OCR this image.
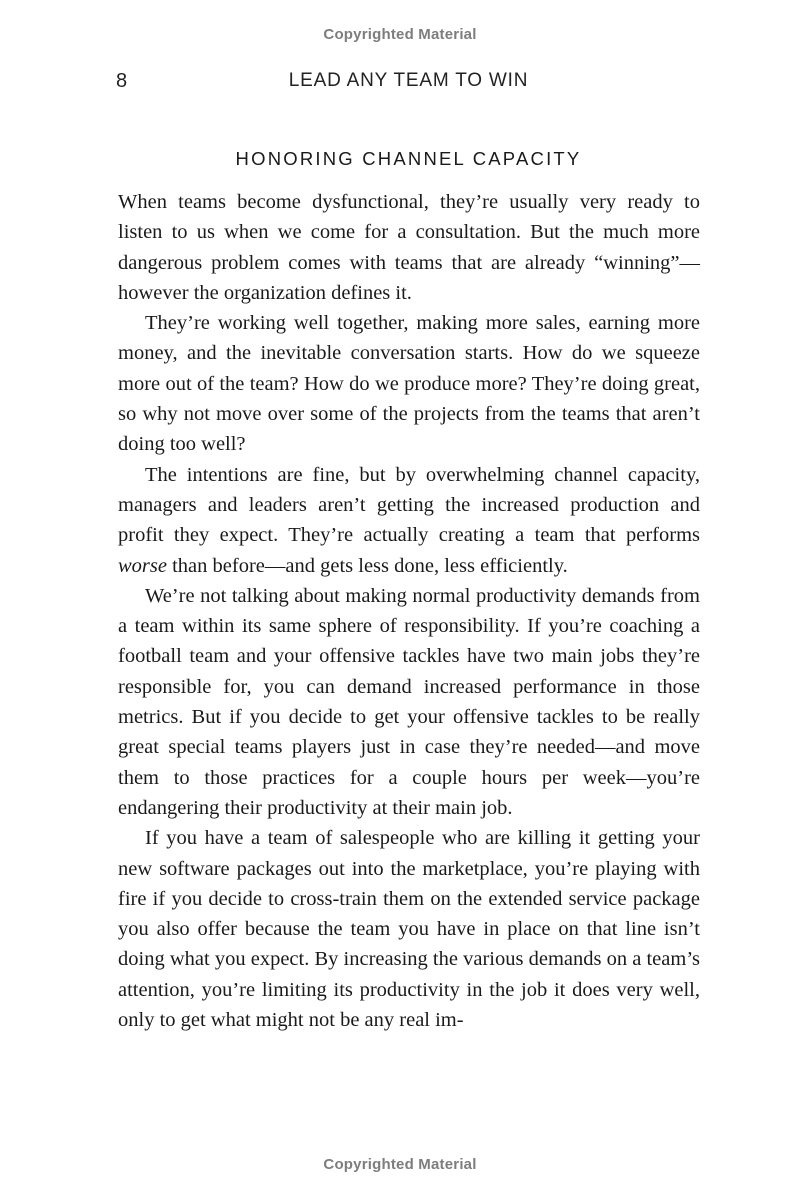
Copyrighted Material
8	LEAD ANY TEAM TO WIN
HONORING CHANNEL CAPACITY

When teams become dysfunctional, they’re usually very ready to listen to us when we come for a consultation. But the much more dangerous problem comes with teams that are already “winning”—however the organization defines it.

They’re working well together, making more sales, earning more money, and the inevitable conversation starts. How do we squeeze more out of the team? How do we produce more? They’re doing great, so why not move over some of the projects from the teams that aren’t doing too well?

The intentions are fine, but by overwhelming channel capacity, managers and leaders aren’t getting the increased production and profit they expect. They’re actually creating a team that performs worse than before—and gets less done, less efficiently.

We’re not talking about making normal productivity demands from a team within its same sphere of responsibility. If you’re coaching a football team and your offensive tackles have two main jobs they’re responsible for, you can demand increased performance in those metrics. But if you decide to get your offensive tackles to be really great special teams players just in case they’re needed—and move them to those practices for a couple hours per week—you’re endangering their productivity at their main job.

If you have a team of salespeople who are killing it getting your new software packages out into the marketplace, you’re playing with fire if you decide to cross-train them on the extended service package you also offer because the team you have in place on that line isn’t doing what you expect. By increasing the various demands on a team’s attention, you’re limiting its productivity in the job it does very well, only to get what might not be any real im-

Copyrighted Material
